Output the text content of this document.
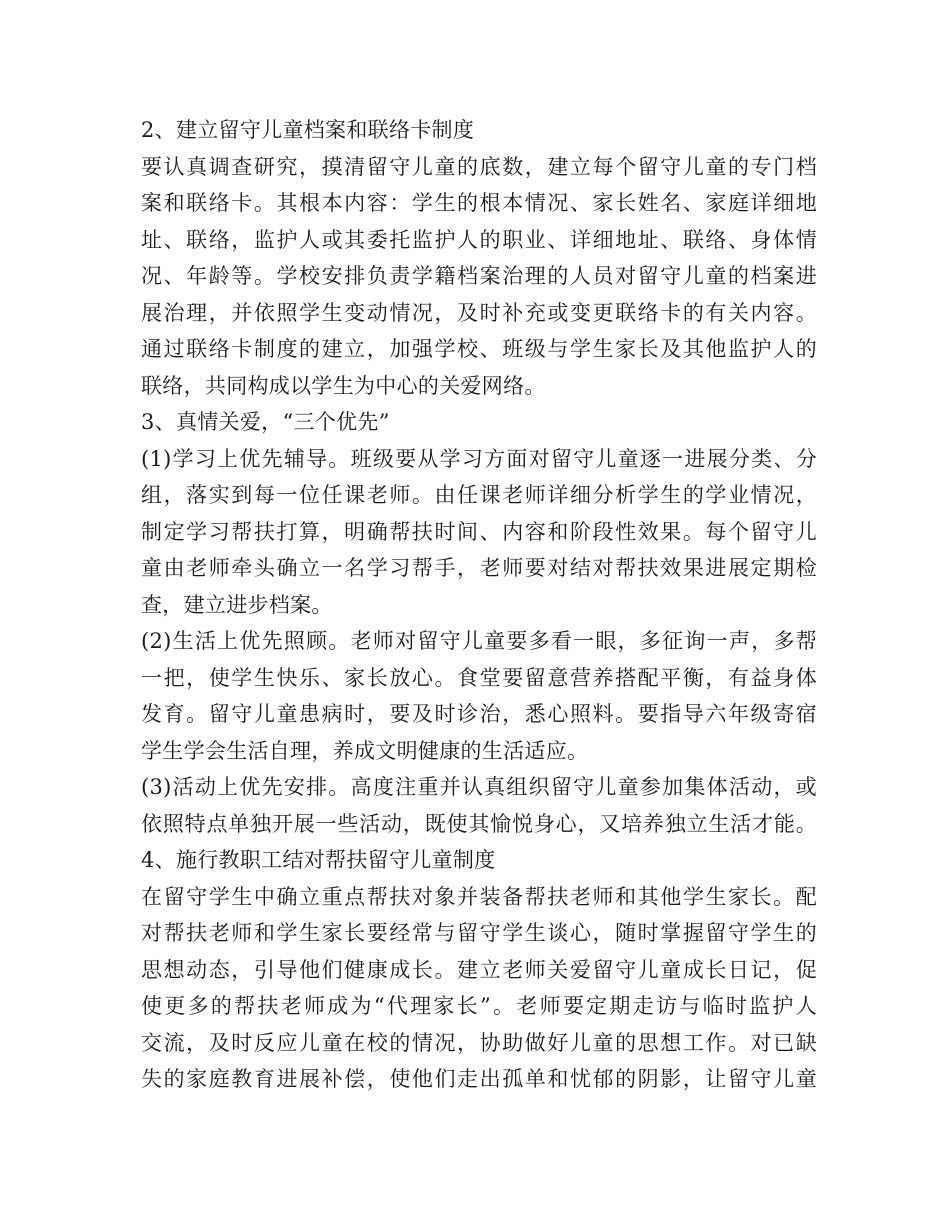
2、建立留守儿童档案和联络卡制度
要认真调查研究，摸清留守儿童的底数，建立每个留守儿童的专门档
案和联络卡。其根本内容：学生的根本情况、家长姓名、家庭详细地
址、联络，监护人或其委托监护人的职业、详细地址、联络、身体情
况、年龄等。学校安排负责学籍档案治理的人员对留守儿童的档案进
展治理，并依照学生变动情况，及时补充或变更联络卡的有关内容。
通过联络卡制度的建立，加强学校、班级与学生家长及其他监护人的
联络，共同构成以学生为中心的关爱网络。
3、真情关爱，“三个优先”
(1)学习上优先辅导。班级要从学习方面对留守儿童逐一进展分类、分
组，落实到每一位任课老师。由任课老师详细分析学生的学业情况，
制定学习帮扶打算，明确帮扶时间、内容和阶段性效果。每个留守儿
童由老师牵头确立一名学习帮手，老师要对结对帮扶效果进展定期检
查，建立进步档案。
(2)生活上优先照顾。老师对留守儿童要多看一眼，多征询一声，多帮
一把，使学生快乐、家长放心。食堂要留意营养搭配平衡，有益身体
发育。留守儿童患病时，要及时诊治，悉心照料。要指导六年级寄宿
学生学会生活自理，养成文明健康的生活适应。
(3)活动上优先安排。高度注重并认真组织留守儿童参加集体活动，或
依照特点单独开展一些活动，既使其愉悦身心，又培养独立生活才能。
4、施行教职工结对帮扶留守儿童制度
在留守学生中确立重点帮扶对象并装备帮扶老师和其他学生家长。配
对帮扶老师和学生家长要经常与留守学生谈心，随时掌握留守学生的
思想动态，引导他们健康成长。建立老师关爱留守儿童成长日记，促
使更多的帮扶老师成为“代理家长”。老师要定期走访与临时监护人
交流，及时反应儿童在校的情况，协助做好儿童的思想工作。对已缺
失的家庭教育进展补偿，使他们走出孤单和忧郁的阴影，让留守儿童
